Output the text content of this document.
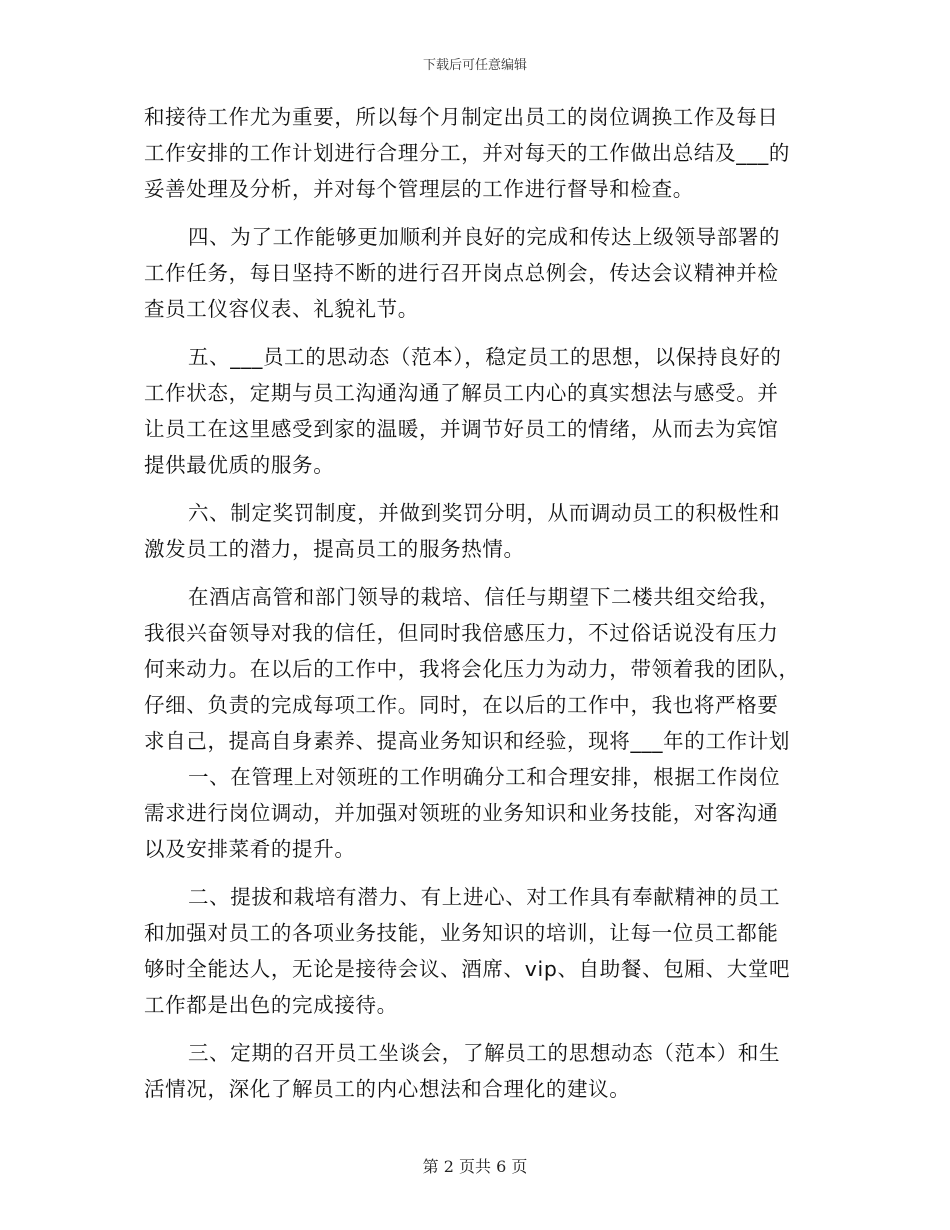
下载后可任意编辑
和接待工作尤为重要，所以每个月制定出员工的岗位调换工作及每日
工作安排的工作计划进行合理分工，并对每天的工作做出总结及___的
妥善处理及分析，并对每个管理层的工作进行督导和检查。
四、为了工作能够更加顺利并良好的完成和传达上级领导部署的
工作任务，每日坚持不断的进行召开岗点总例会，传达会议精神并检
查员工仪容仪表、礼貌礼节。
五、___员工的思动态（范本），稳定员工的思想，以保持良好的
工作状态，定期与员工沟通沟通了解员工内心的真实想法与感受。并
让员工在这里感受到家的温暖，并调节好员工的情绪，从而去为宾馆
提供最优质的服务。
六、制定奖罚制度，并做到奖罚分明，从而调动员工的积极性和
激发员工的潜力，提高员工的服务热情。
在酒店高管和部门领导的栽培、信任与期望下二楼共组交给我，
我很兴奋领导对我的信任，但同时我倍感压力，不过俗话说没有压力
何来动力。在以后的工作中，我将会化压力为动力，带领着我的团队，
仔细、负责的完成每项工作。同时，在以后的工作中，我也将严格要
求自己，提高自身素养、提高业务知识和经验，现将___年的工作计划
一、在管理上对领班的工作明确分工和合理安排，根据工作岗位
需求进行岗位调动，并加强对领班的业务知识和业务技能，对客沟通
以及安排菜肴的提升。
二、提拔和栽培有潜力、有上进心、对工作具有奉献精神的员工
和加强对员工的各项业务技能，业务知识的培训，让每一位员工都能
够时全能达人，无论是接待会议、酒席、vip、自助餐、包厢、大堂吧
工作都是出色的完成接待。
三、定期的召开员工坐谈会，了解员工的思想动态（范本）和生
活情况，深化了解员工的内心想法和合理化的建议。
第 2 页共 6 页
